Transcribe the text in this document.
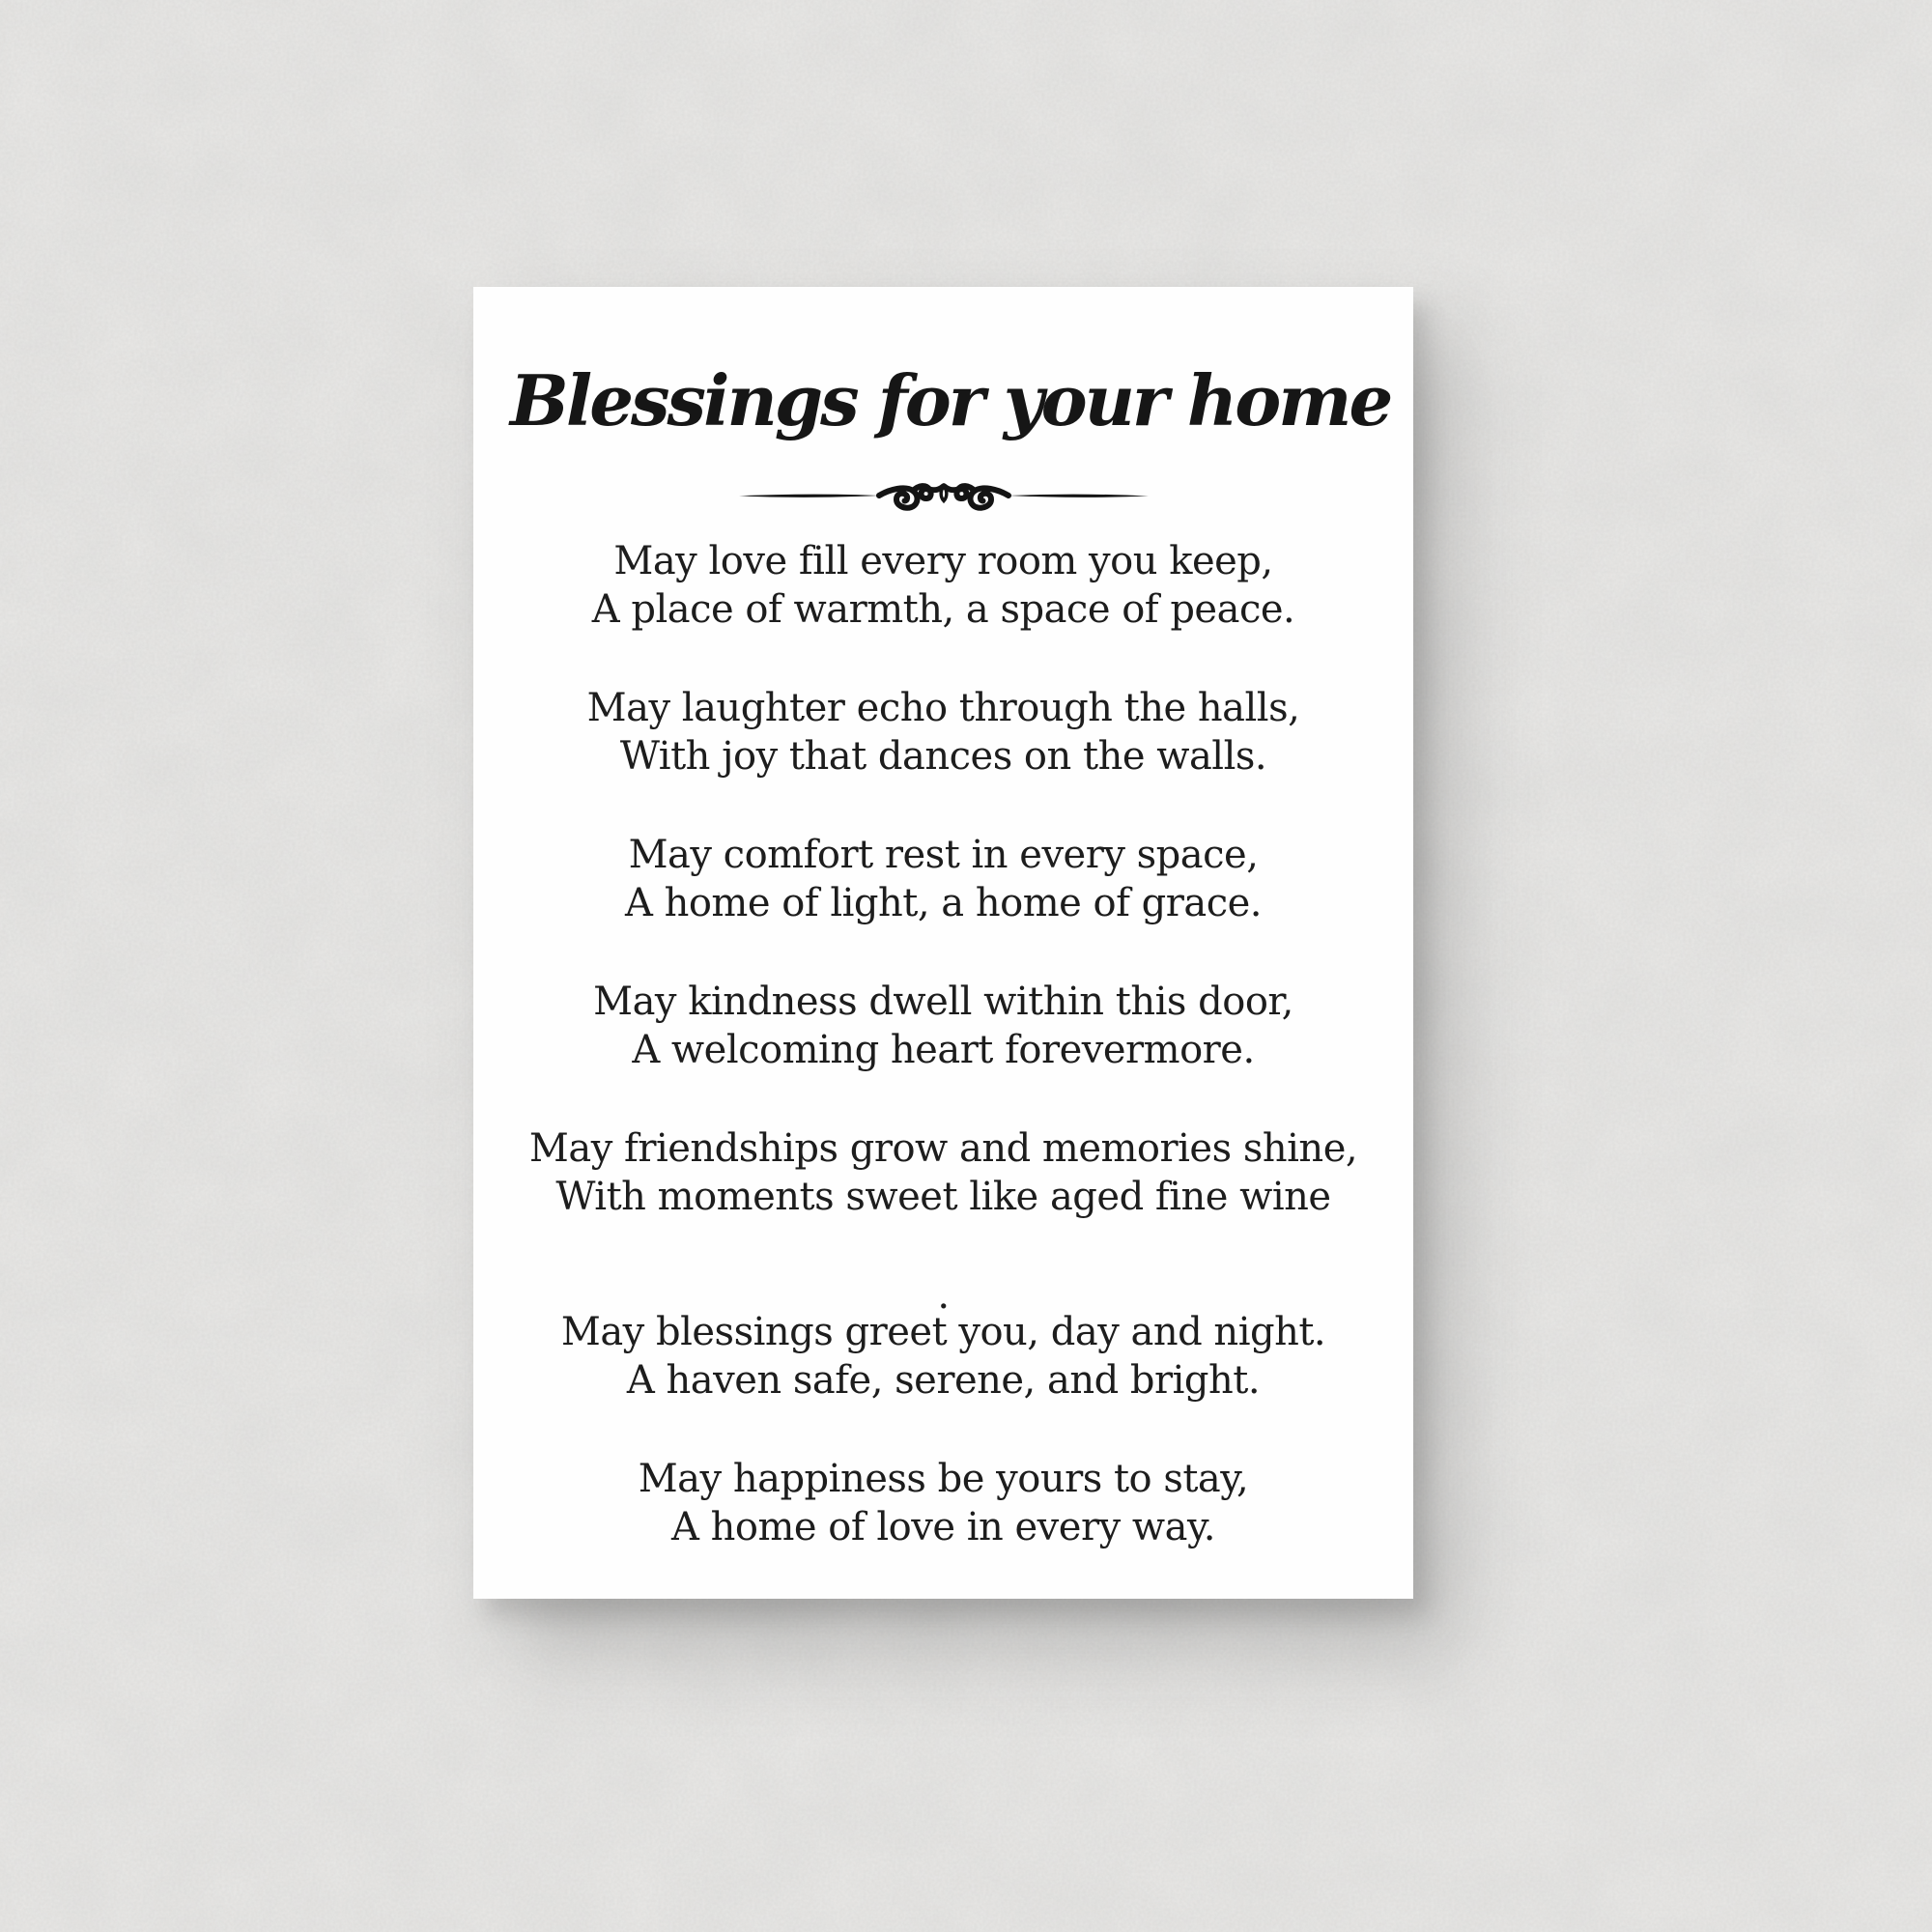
Blessings for your home

May love fill every room you keep,
A place of warmth, a space of peace.

May laughter echo through the halls,
With joy that dances on the walls.

May comfort rest in every space,
A home of light, a home of grace.

May kindness dwell within this door,
A welcoming heart forevermore.

May friendships grow and memories shine,
With moments sweet like aged fine wine

.

May blessings greet you, day and night.
A haven safe, serene, and bright.

May happiness be yours to stay,
A home of love in every way.
